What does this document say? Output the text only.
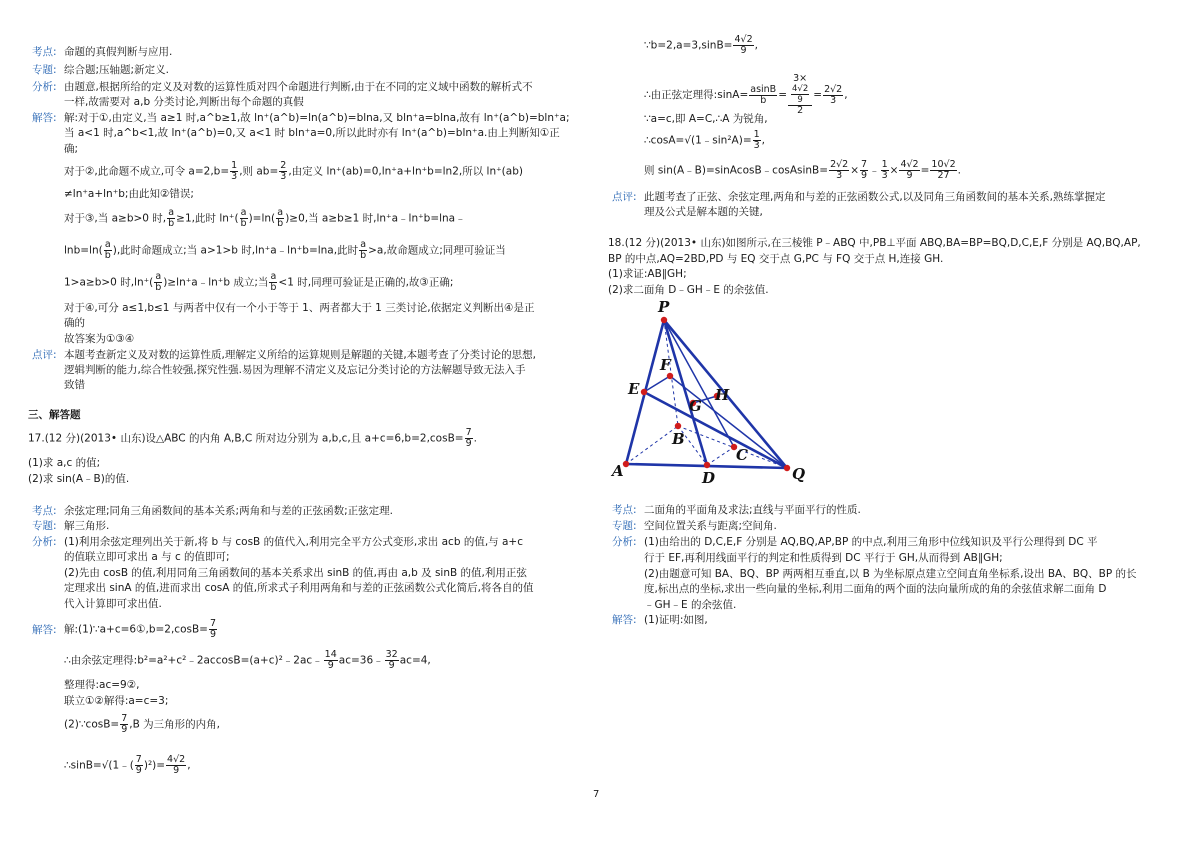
考点: 命题的真假判断与应用.
专题: 综合题;压轴题;新定义.
分析: 由题意,根据所给的定义及对数的运算性质对四个命题进行判断,由于在不同的定义域中函数的解析式不
一样,故需要对 a,b 分类讨论,判断出每个命题的真假
解答: 解:对于①,由定义,当 a≥1 时,a^b≥1,故 ln⁺(a^b)=ln(a^b)=blna,又 bln⁺a=blna,故有 ln⁺(a^b)=bln⁺a;
当 a<1 时,a^b<1,故 ln⁺(a^b)=0,又 a<1 时 bln⁺a=0,所以此时亦有 ln⁺(a^b)=bln⁺a.由上判断知①正
确;
对于②,此命题不成立,可令 $a=2,b= \frac{1}{3}$ ,则 $ab= \frac{2}{3}$ ,由定义 ln⁺(ab)=0,ln⁺a+ln⁺b=ln2,所以 ln⁺(ab)
≠ln⁺a+ln⁺b;由此知②错误;
对于③,当 a≥b>0 时, $\frac{a}{b} \ge 1$,此时 $\ln^+( \frac{a}{b} )=\ln( \frac{a}{b} )\ge 0$,当 a≥b≥1 时,ln⁺a﹣ln⁺b=lna﹣
$\ln b=\ln( \frac{a}{b}$ ),此时命题成立;当 a>1>b 时,ln⁺a﹣ln⁺b=lna,此时 $\frac{a}{b} >a$,故命题成立;同理可验证当
1>a≥b>0 时$,\ln^+( \frac{a}{b}$ )≥ln⁺a﹣ln⁺b 成立;当 $\frac{a}{b} <1$ 时,同理可验证是正确的,故③正确;
对于④,可分 a≤1,b≤1 与两者中仅有一个小于等于 1、两者都大于 1 三类讨论,依据定义判断出④是正
确的
故答案为①③④
点评: 本题考查新定义及对数的运算性质,理解定义所给的运算规则是解题的关键,本题考查了分类讨论的思想,
逻辑判断的能力,综合性较强,探究性强.易因为理解不清定义及忘记分类讨论的方法解题导致无法入手
致错
三、解答题
17.(12 分)(2013• 山东)设△ABC 的内角 A,B,C 所对边分别为 a,b,c,且 $a+c=6,b=2,\cos B= \frac{7}{9}$ .
(1)求 a,c 的值;
(2)求 sin(A﹣B)的值.
考点: 余弦定理;同角三角函数间的基本关系;两角和与差的正弦函数;正弦定理.
专题: 解三角形.
分析: (1)利用余弦定理列出关于新,将 b 与 cosB 的值代入,利用完全平方公式变形,求出 acb 的值,与 a+c
的值联立即可求出 a 与 c 的值即可;
(2)先由 cosB 的值,利用同角三角函数间的基本关系求出 sinB 的值,再由 a,b 及 sinB 的值,利用正弦
定理求出 sinA 的值,进而求出 cosA 的值,所求式子利用两角和与差的正弦函数公式化简后,将各自的值
代入计算即可求出值.
解答: 解:(1)∵a+c=6①,b=2,cosB= $\frac{7}{9}$
∴由余弦定理得:b²=a²+c²﹣2accosB=(a+c)²﹣2ac﹣ $\frac{14}{9}$ ac=36﹣ $\frac{32}{9} ac=4$,
整理得:ac=9②,
联立①②解得:a=c=3;
(2)∵cosB= $\frac{7}{9} ,B$ 为三角形的内角,
∴sinB=√(1﹣( $\frac{7}{9} )^2)= \frac{4√2}{9}$ ,
∵b=2,a=3,sinB= $\frac{4√2}{9}$ ,
∴由正弦定理得:sinA= $\frac{asinB}{b} = 3\times$
4√2
9
$2 = \frac{2√2}{3}$ ,
∵a=c,即 A=C,∴A 为锐角,
∴cosA=√(1﹣sin²A)= $\frac{1}{3}$ ,
则 sin(A﹣B)=sinAcosB﹣cosAsinB= $\frac{2√2}{3} \times \frac{7}{9}$ ﹣ $\frac{1}{3} \times \frac{4√2}{9} = \frac{10√2}{27}$ .
点评: 此题考查了正弦、余弦定理,两角和与差的正弦函数公式,以及同角三角函数间的基本关系,熟练掌握定
理及公式是解本题的关键,
18.(12 分)(2013• 山东)如图所示,在三棱锥 P﹣ABQ 中,PB⊥平面 ABQ,BA=BP=BQ,D,C,E,F 分别是 AQ,BQ,AP,
BP 的中点,AQ=2BD,PD 与 EQ 交于点 G,PC 与 FQ 交于点 H,连接 GH.
(1)求证:AB∥GH;
(2)求二面角 D﹣GH﹣E 的余弦值.
考点: 二面角的平面角及求法;直线与平面平行的性质.
专题: 空间位置关系与距离;空间角.
分析: (1)由给出的 D,C,E,F 分别是 AQ,BQ,AP,BP 的中点,利用三角形中位线知识及平行公理得到 DC 平
行于 EF,再利用线面平行的判定和性质得到 DC 平行于 GH,从而得到 AB∥GH;
(2)由题意可知 BA、BQ、BP 两两相互垂直,以 B 为坐标原点建立空间直角坐标系,设出 BA、BQ、BP 的长
度,标出点的坐标,求出一些向量的坐标,利用二面角的两个面的法向量所成的角的余弦值求解二面角 D
﹣GH﹣E 的余弦值.
解答: (1)证明:如图,
P
F
E
G
H
B
C
A	D	Q
7
